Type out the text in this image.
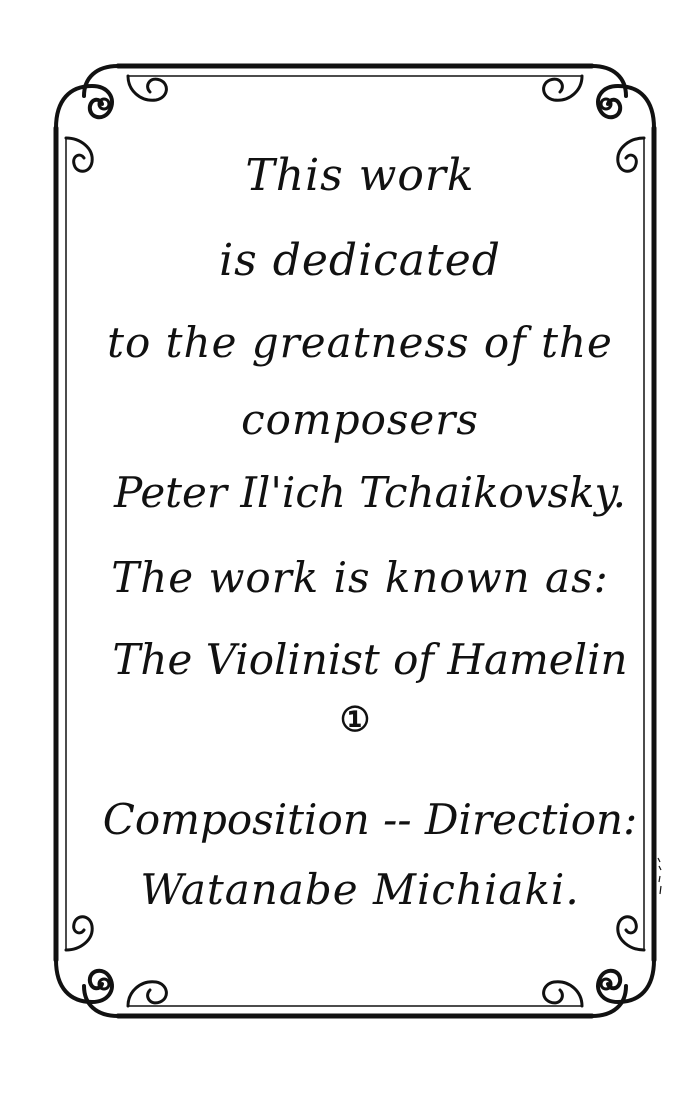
This work
is dedicated
to the greatness of the
composers
Peter Il'ich Tchaikovsky.
The work is known as:
The Violinist of Hamelin
①
Composition -- Direction:
Watanabe Michiaki.
